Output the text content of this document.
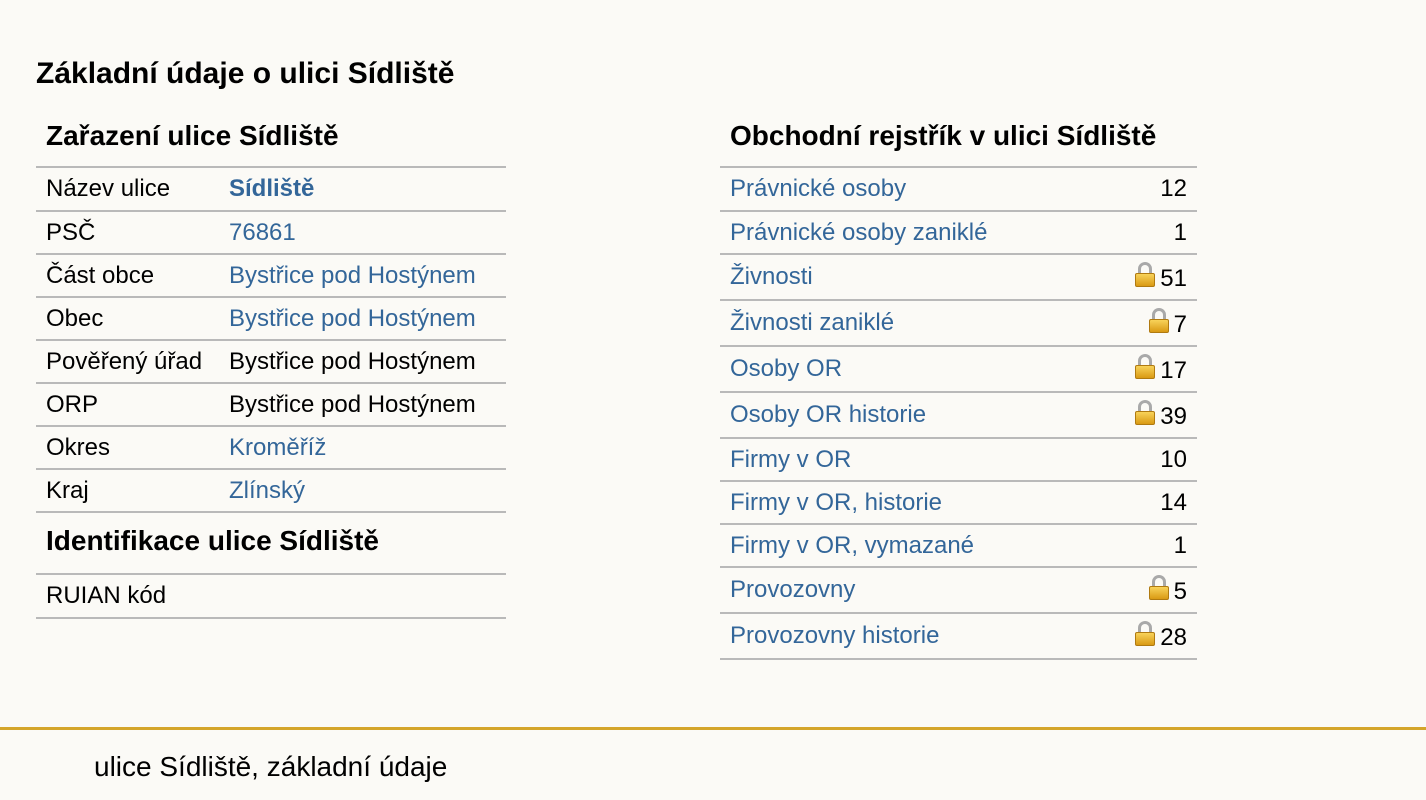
Základní údaje o ulici Sídliště
Zařazení ulice Sídliště
Název ulice	Sídliště
PSČ	76861
Část obce	Bystřice pod Hostýnem
Obec	Bystřice pod Hostýnem
Pověřený úřad	Bystřice pod Hostýnem
ORP	Bystřice pod Hostýnem
Okres	Kroměříž
Kraj	Zlínský
Identifikace ulice Sídliště
RUIAN kód	
Obchodní rejstřík v ulici Sídliště
Právnické osoby	12
Právnické osoby zaniklé	1
Živnosti	51
Živnosti zaniklé	7
Osoby OR	17
Osoby OR historie	39
Firmy v OR	10
Firmy v OR, historie	14
Firmy v OR, vymazané	1
Provozovny	5
Provozovny historie	28
ulice Sídliště, základní údaje
